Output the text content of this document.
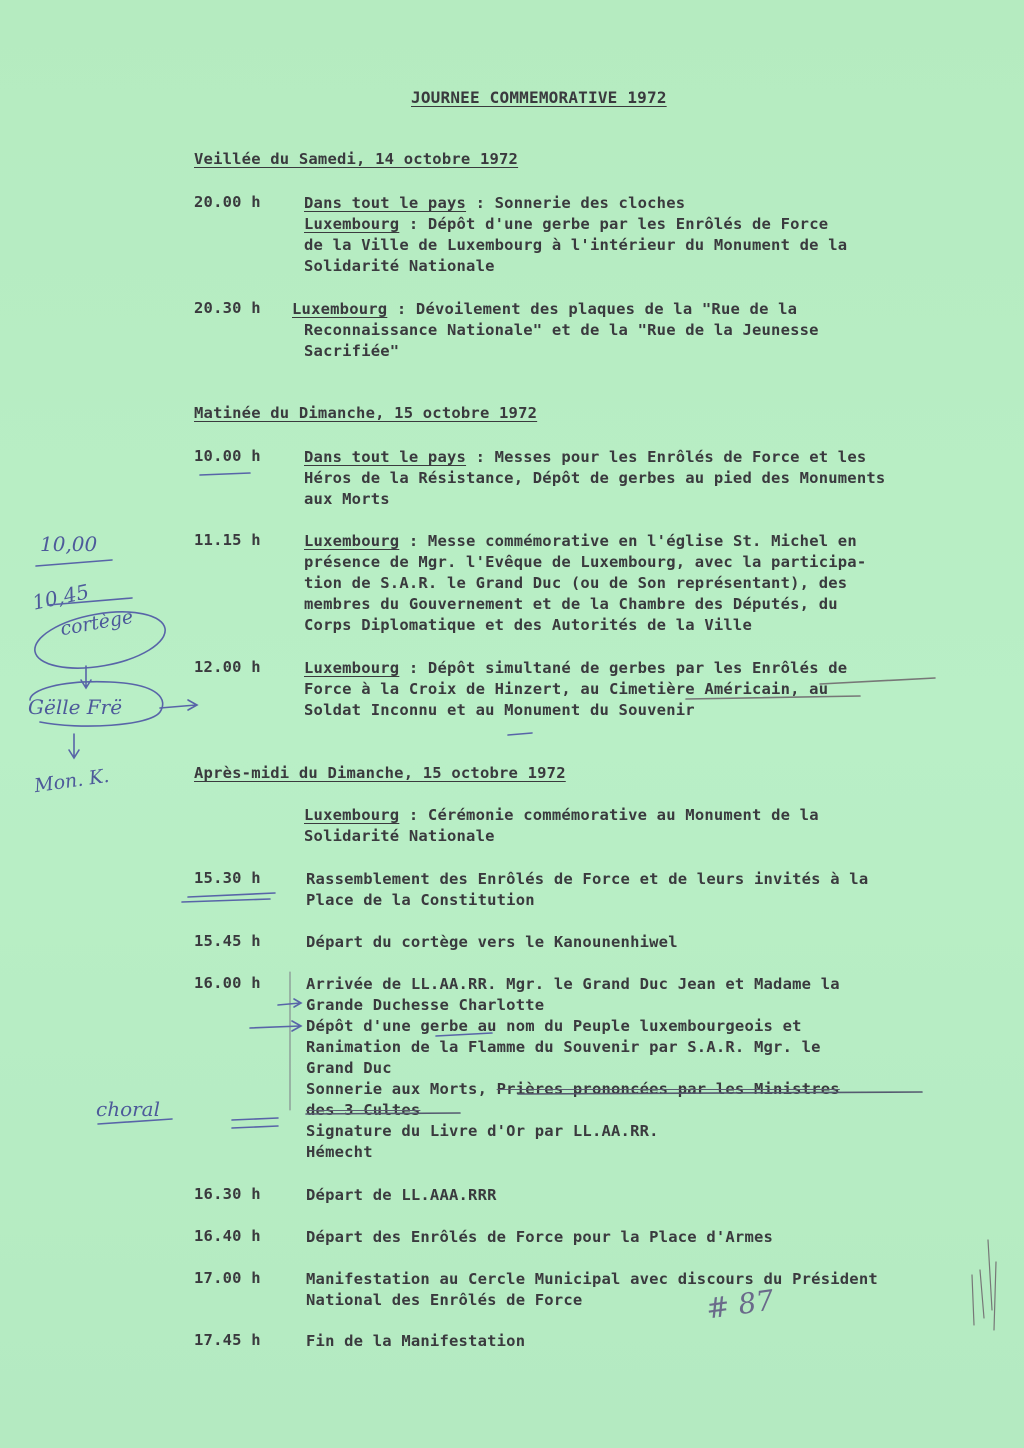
JOURNEE COMMEMORATIVE 1972
Veillée du Samedi, 14 octobre 1972
20.00 h	Dans tout le pays : Sonnerie des cloches
Luxembourg : Dépôt d'une gerbe par les Enrôlés de Force
de la Ville de Luxembourg à l'intérieur du Monument de la
Solidarité Nationale
20.30 h Luxembourg : Dévoilement des plaques de la "Rue de la
Reconnaissance Nationale" et de la "Rue de la Jeunesse
Sacrifiée"
Matinée du Dimanche, 15 octobre 1972
10.00 h	Dans tout le pays : Messes pour les Enrôlés de Force et les
Héros de la Résistance, Dépôt de gerbes au pied des Monuments
aux Morts
11.15 h	Luxembourg : Messe commémorative en l'église St. Michel en
présence de Mgr. l'Evêque de Luxembourg, avec la participa-
tion de S.A.R. le Grand Duc (ou de Son représentant), des
membres du Gouvernement et de la Chambre des Députés, du
Corps Diplomatique et des Autorités de la Ville
12.00 h	Luxembourg : Dépôt simultané de gerbes par les Enrôlés de
Force à la Croix de Hinzert, au Cimetière Américain, au
Soldat Inconnu et au Monument du Souvenir
Après-midi du Dimanche, 15 octobre 1972
Luxembourg : Cérémonie commémorative au Monument de la
Solidarité Nationale
15.30 h	Rassemblement des Enrôlés de Force et de leurs invités à la
Place de la Constitution
15.45 h	Départ du cortège vers le Kanounenhiwel
16.00 h	Arrivée de LL.AA.RR. Mgr. le Grand Duc Jean et Madame la
Grande Duchesse Charlotte
Dépôt d'une gerbe au nom du Peuple luxembourgeois et
Ranimation de la Flamme du Souvenir par S.A.R. Mgr. le
Grand Duc
Sonnerie aux Morts, Prières prononcées par les Ministres
des 3 Cultes
Signature du Livre d'Or par LL.AA.RR.
Hémecht
16.30 h	Départ de LL.AAA.RRR
16.40 h	Départ des Enrôlés de Force pour la Place d'Armes
17.00 h	Manifestation au Cercle Municipal avec discours du Président
National des Enrôlés de Force
17.45 h	Fin de la Manifestation
10,00
10,45
cortège
Gëlle Frë
Mon. K.
choral
# 87
